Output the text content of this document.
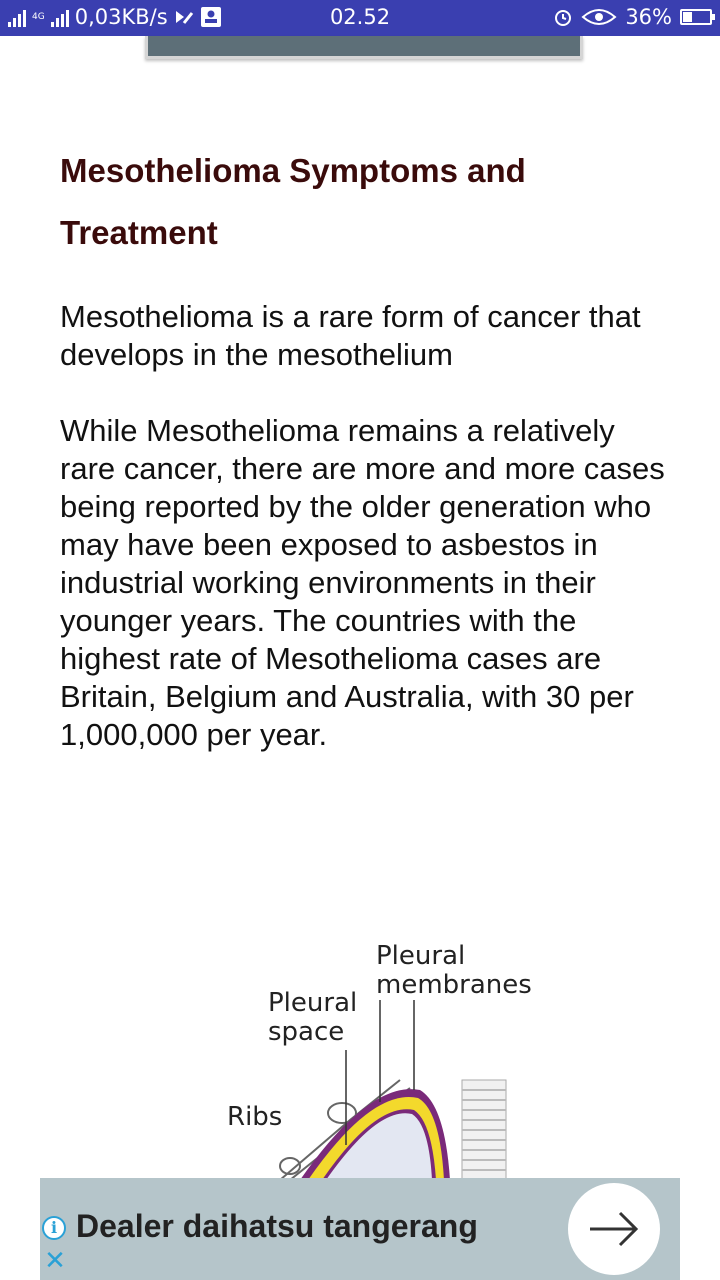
4G 0,03KB/s	02.52	36%
Mesothelioma Symptoms and Treatment

Mesothelioma is a rare form of cancer that develops in the mesothelium

While Mesothelioma remains a relatively rare cancer, there are more and more cases being reported by the older generation who may have been exposed to asbestos in industrial working environments in their younger years. The countries with the highest rate of Mesothelioma cases are Britain, Belgium and Australia, with 30 per 1,000,000 per year.

Pleural
membranes
Pleural
space
Ribs
i
✕
Dealer daihatsu tangerang
